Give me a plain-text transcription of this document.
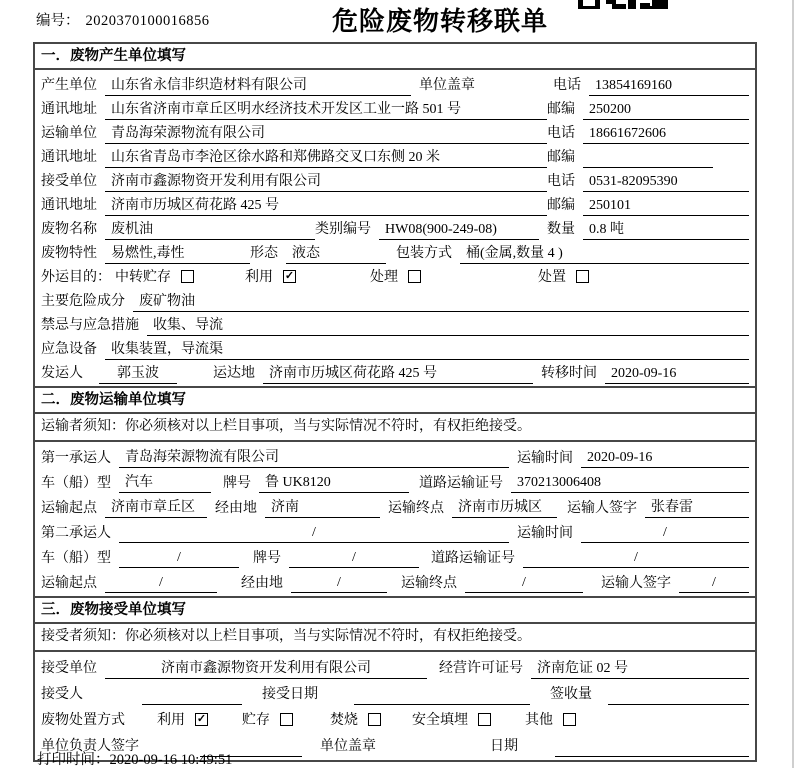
编号： 2020370100016856	危险废物转移联单
一．废物产生单位填写
产生单位	山东省永信非织造材料有限公司	单位盖章	电话	13854169160
通讯地址	山东省济南市章丘区明水经济技术开发区工业一路 501 号	邮编	250200
运输单位	青岛海荣源物流有限公司	电话	18661672606
通讯地址	山东省青岛市李沧区徐水路和郑佛路交叉口东侧 20 米	邮编
接受单位	济南市鑫源物资开发利用有限公司	电话	0531-82095390
通讯地址	济南市历城区荷花路 425 号	邮编	250101
废物名称	废机油	类别编号	HW08(900-249-08)	数量	0.8 吨
废物特性	易燃性,毒性	形态	液态	包装方式	桶(金属,数量 4 )
外运目的： 中转贮存	利用 ✓	处理	处置
主要危险成分	废矿物油
禁忌与应急措施	收集、导流
应急设备	收集装置，导流渠
发运人	郭玉波	运达地	济南市历城区荷花路 425 号	转移时间	2020-09-16
二．废物运输单位填写
运输者须知：你必须核对以上栏目事项，当与实际情况不符时，有权拒绝接受。
第一承运人	青岛海荣源物流有限公司	运输时间	2020-09-16
车（船）型	汽车	牌号	鲁 UK8120	道路运输证号	370213006408
运输起点	济南市章丘区	经由地	济南	运输终点	济南市历城区	运输人签字	张春雷
第二承运人	/	运输时间	/
车（船）型	/	牌号	/	道路运输证号	/
运输起点	/	经由地	/	运输终点	/	运输人签字	/
三．废物接受单位填写
接受者须知：你必须核对以上栏目事项，当与实际情况不符时，有权拒绝接受。
接受单位	济南市鑫源物资开发利用有限公司	经营许可证号	济南危证 02 号
接受人	接受日期	签收量
废物处置方式 利用 ✓	贮存	焚烧	安全填埋	其他
单位负责人签字	单位盖章	日期
打印时间：2020-09-16 10:49:51
